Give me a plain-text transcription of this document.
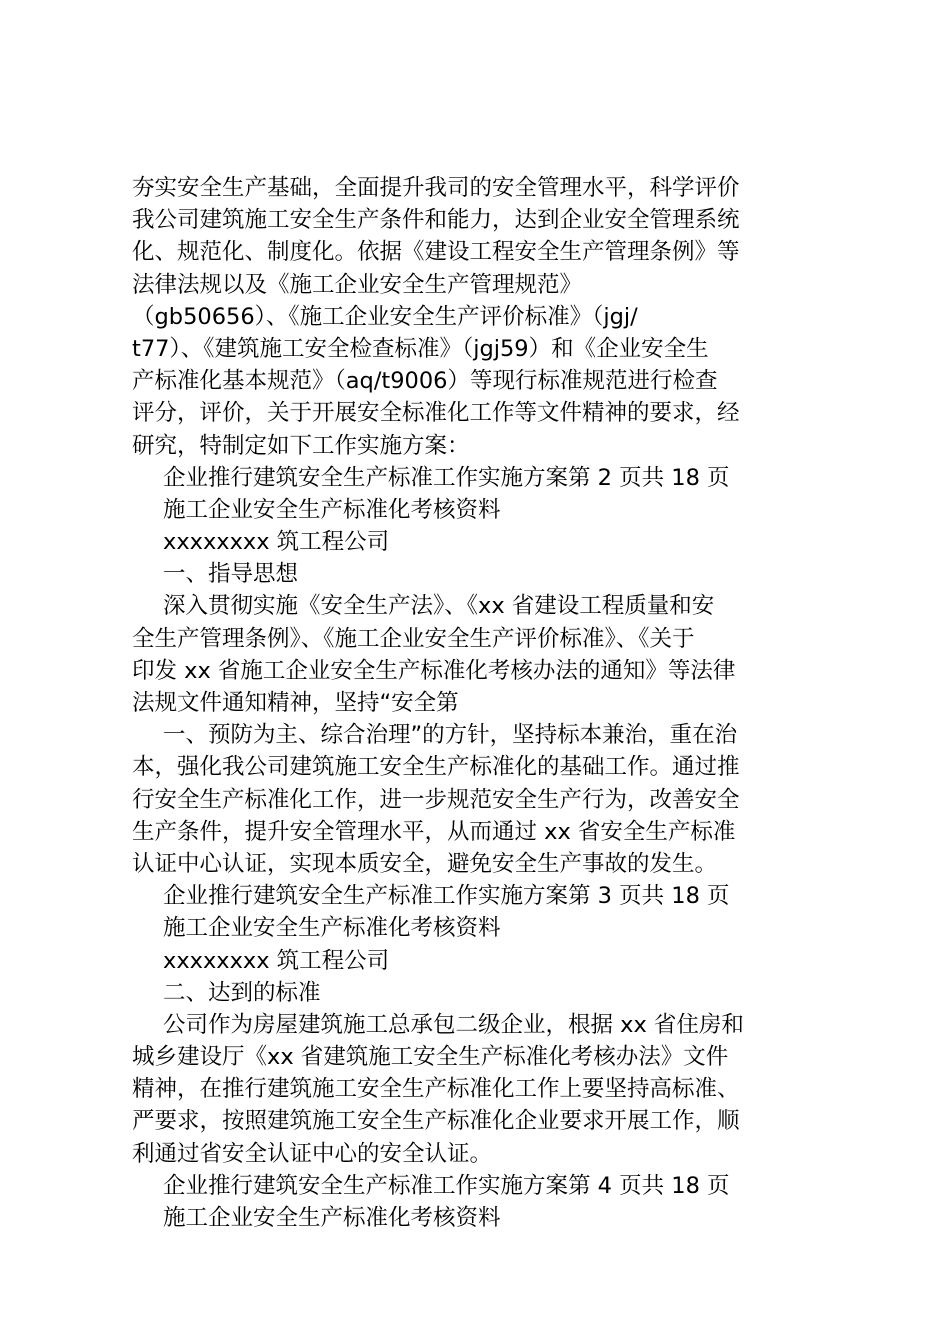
夯实安全生产基础，全面提升我司的安全管理水平，科学评价
我公司建筑施工安全生产条件和能力，达到企业安全管理系统
化、规范化、制度化。依据《建设工程安全生产管理条例》等
法律法规以及《施工企业安全生产管理规范》
（gb50656）、《施工企业安全生产评价标准》（jgj/
t77）、《建筑施工安全检查标准》（jgj59）和《企业安全生
产标准化基本规范》（aq/t9006）等现行标准规范进行检查
评分，评价，关于开展安全标准化工作等文件精神的要求，经
研究，特制定如下工作实施方案：
企业推行建筑安全生产标准工作实施方案第 2 页共 18 页
施工企业安全生产标准化考核资料
xxxxxxxx 筑工程公司
一、指导思想
深入贯彻实施《安全生产法》、《xx 省建设工程质量和安
全生产管理条例》、《施工企业安全生产评价标准》、《关于
印发 xx 省施工企业安全生产标准化考核办法的通知》等法律
法规文件通知精神，坚持“安全第
一、预防为主、综合治理”的方针，坚持标本兼治，重在治
本，强化我公司建筑施工安全生产标准化的基础工作。通过推
行安全生产标准化工作，进一步规范安全生产行为，改善安全
生产条件，提升安全管理水平，从而通过 xx 省安全生产标准
认证中心认证，实现本质安全，避免安全生产事故的发生。
企业推行建筑安全生产标准工作实施方案第 3 页共 18 页
施工企业安全生产标准化考核资料
xxxxxxxx 筑工程公司
二、达到的标准
公司作为房屋建筑施工总承包二级企业，根据 xx 省住房和
城乡建设厅《xx 省建筑施工安全生产标准化考核办法》文件
精神，在推行建筑施工安全生产标准化工作上要坚持高标准、
严要求，按照建筑施工安全生产标准化企业要求开展工作，顺
利通过省安全认证中心的安全认证。
企业推行建筑安全生产标准工作实施方案第 4 页共 18 页
施工企业安全生产标准化考核资料
